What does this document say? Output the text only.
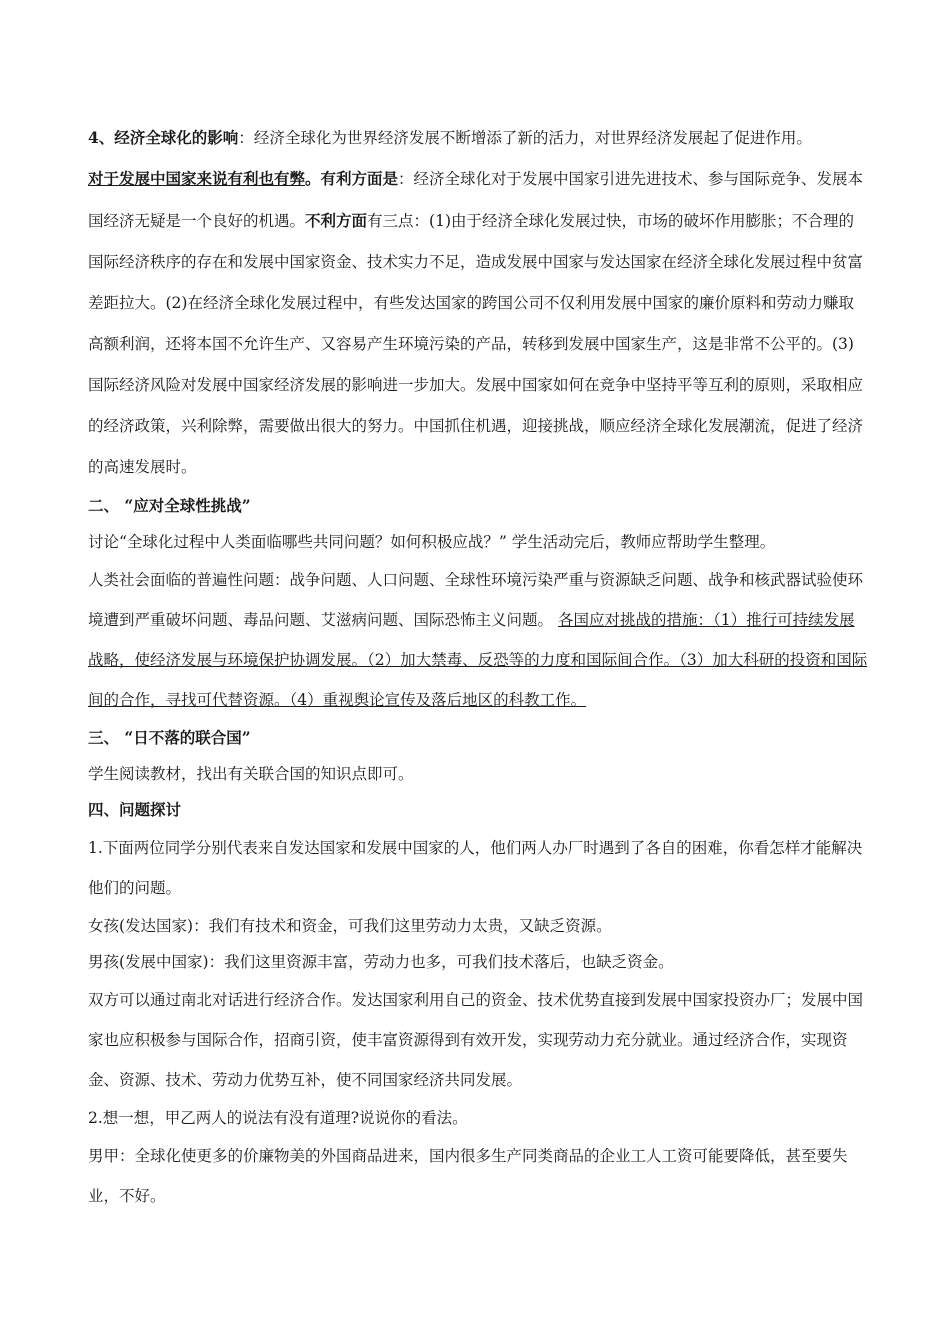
4、经济全球化的影响：经济全球化为世界经济发展不断增添了新的活力，对世界经济发展起了促进作用。

对于发展中国家来说有利也有弊。有利方面是：经济全球化对于发展中国家引进先进技术、参与国际竞争、发展本国经济无疑是一个良好的机遇。不利方面有三点：(1)由于经济全球化发展过快，市场的破坏作用膨胀；不合理的国际经济秩序的存在和发展中国家资金、技术实力不足，造成发展中国家与发达国家在经济全球化发展过程中贫富差距拉大。(2)在经济全球化发展过程中，有些发达国家的跨国公司不仅利用发展中国家的廉价原料和劳动力赚取高额利润，还将本国不允许生产、又容易产生环境污染的产品，转移到发展中国家生产，这是非常不公平的。(3)国际经济风险对发展中国家经济发展的影响进一步加大。发展中国家如何在竞争中坚持平等互利的原则，采取相应的经济政策，兴利除弊，需要做出很大的努力。中国抓住机遇，迎接挑战，顺应经济全球化发展潮流，促进了经济的高速发展时。

二、 “应对全球性挑战”

讨论“全球化过程中人类面临哪些共同问题？如何积极应战？” 学生活动完后，教师应帮助学生整理。

人类社会面临的普遍性问题：战争问题、人口问题、全球性环境污染严重与资源缺乏问题、战争和核武器试验使环境遭到严重破坏问题、毒品问题、艾滋病问题、国际恐怖主义问题。 各国应对挑战的措施：（1）推行可持续发展战略，使经济发展与环境保护协调发展。（2）加大禁毒、反恐等的力度和国际间合作。（3）加大科研的投资和国际间的合作，寻找可代替资源。（4）重视舆论宣传及落后地区的科教工作。

三、 “日不落的联合国”

学生阅读教材，找出有关联合国的知识点即可。

四、问题探讨

1.下面两位同学分别代表来自发达国家和发展中国家的人，他们两人办厂时遇到了各自的困难，你看怎样才能解决他们的问题。

女孩(发达国家)：我们有技术和资金，可我们这里劳动力太贵，又缺乏资源。

男孩(发展中国家)：我们这里资源丰富，劳动力也多，可我们技术落后，也缺乏资金。

双方可以通过南北对话进行经济合作。发达国家利用自己的资金、技术优势直接到发展中国家投资办厂；发展中国家也应积极参与国际合作，招商引资，使丰富资源得到有效开发，实现劳动力充分就业。通过经济合作，实现资金、资源、技术、劳动力优势互补，使不同国家经济共同发展。

2.想一想，甲乙两人的说法有没有道理?说说你的看法。

男甲：全球化使更多的价廉物美的外国商品进来，国内很多生产同类商品的企业工人工资可能要降低，甚至要失业，不好。
